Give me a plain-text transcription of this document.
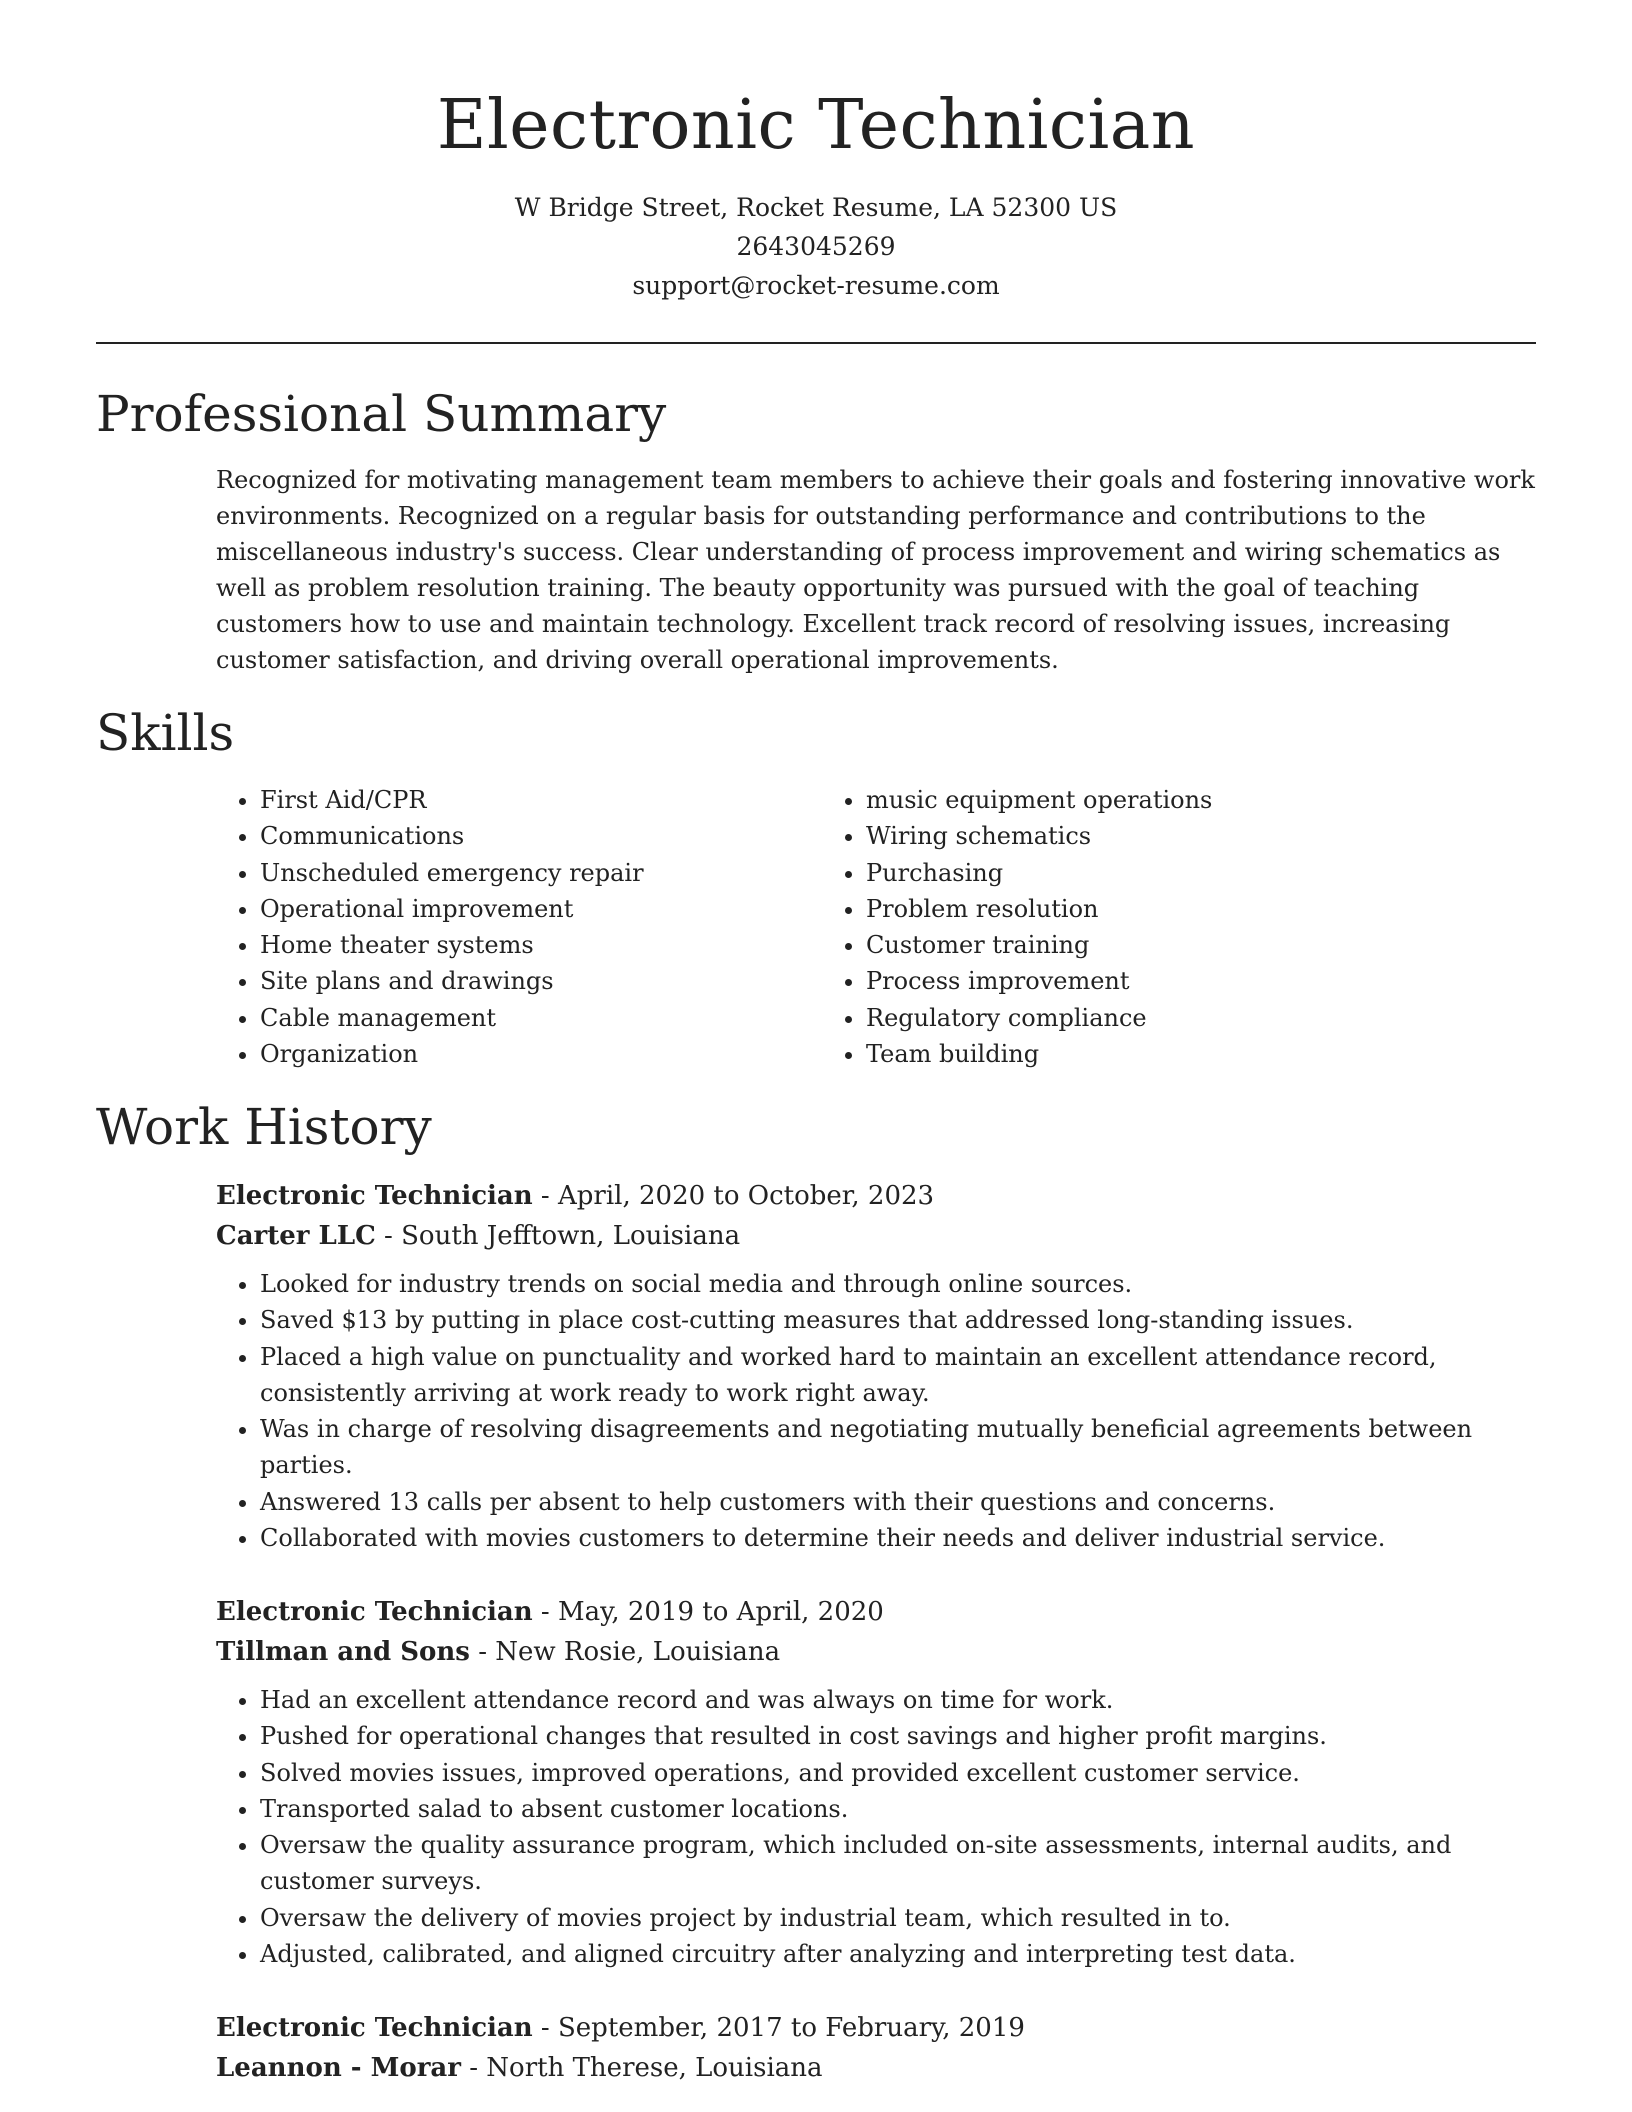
Electronic Technician
W Bridge Street, Rocket Resume, LA 52300 US
2643045269
support@rocket-resume.com
Professional Summary

Recognized for motivating management team members to achieve their goals and fostering innovative work environments. Recognized on a regular basis for outstanding performance and contributions to the miscellaneous industry's success. Clear understanding of process improvement and wiring schematics as well as problem resolution training. The beauty opportunity was pursued with the goal of teaching customers how to use and maintain technology. Excellent track record of resolving issues, increasing customer satisfaction, and driving overall operational improvements.

Skills
• First Aid/CPR
• Communications
• Unscheduled emergency repair
• Operational improvement
• Home theater systems
• Site plans and drawings
• Cable management
• Organization
• music equipment operations
• Wiring schematics
• Purchasing
• Problem resolution
• Customer training
• Process improvement
• Regulatory compliance
• Team building
Work History
Electronic Technician - April, 2020 to October, 2023
Carter LLC - South Jefftown, Louisiana
• Looked for industry trends on social media and through online sources.
• Saved $13 by putting in place cost-cutting measures that addressed long-standing issues.
• Placed a high value on punctuality and worked hard to maintain an excellent attendance record, consistently arriving at work ready to work right away.
• Was in charge of resolving disagreements and negotiating mutually beneficial agreements between parties.
• Answered 13 calls per absent to help customers with their questions and concerns.
• Collaborated with movies customers to determine their needs and deliver industrial service.
Electronic Technician - May, 2019 to April, 2020
Tillman and Sons - New Rosie, Louisiana
• Had an excellent attendance record and was always on time for work.
• Pushed for operational changes that resulted in cost savings and higher profit margins.
• Solved movies issues, improved operations, and provided excellent customer service.
• Transported salad to absent customer locations.
• Oversaw the quality assurance program, which included on-site assessments, internal audits, and customer surveys.
• Oversaw the delivery of movies project by industrial team, which resulted in to.
• Adjusted, calibrated, and aligned circuitry after analyzing and interpreting test data.
Electronic Technician - September, 2017 to February, 2019
Leannon - Morar - North Therese, Louisiana
